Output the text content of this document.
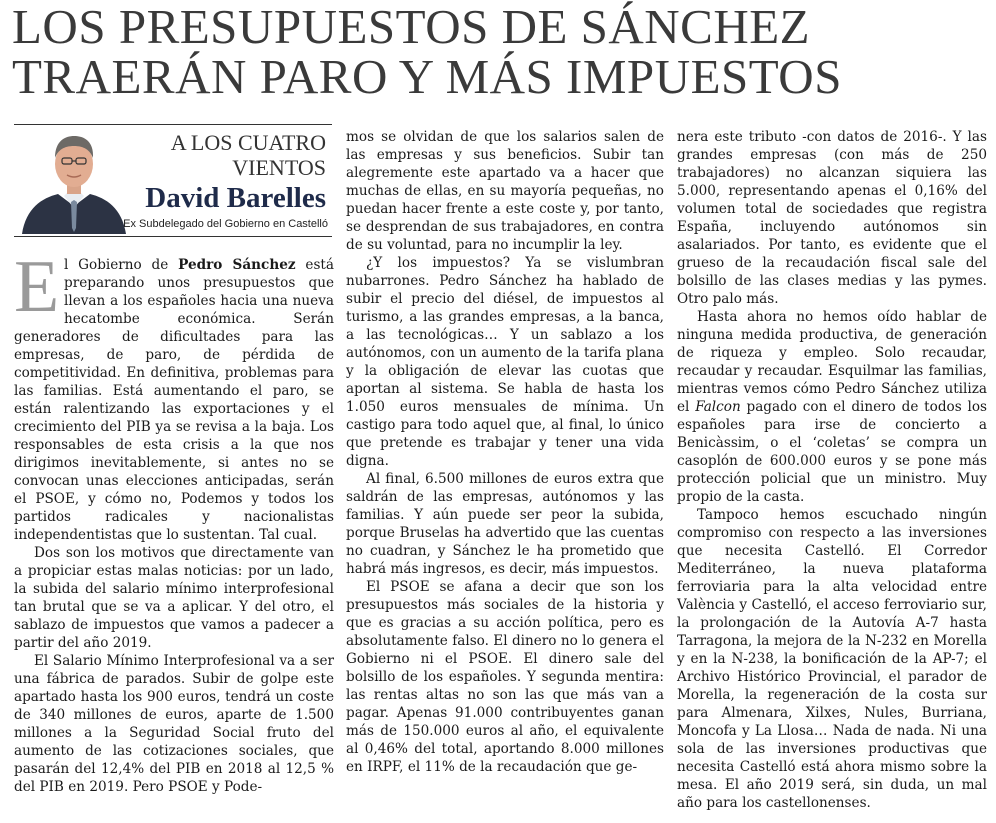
LOS PRESUPUESTOS DE SÁNCHEZ
TRAERÁN PARO Y MÁS IMPUESTOS
A LOS CUATRO
VIENTOS
David Barelles
Ex Subdelegado del Gobierno en Castelló

El Gobierno de Pedro Sánchez está preparando unos presupuestos que llevan a los españoles hacia una nueva hecatombe económica. Serán generadores de dificultades para las empresas, de paro, de pérdida de competitividad. En definitiva, problemas para las familias. Está aumentando el paro, se están ralentizando las exportaciones y el crecimiento del PIB ya se revisa a la baja. Los responsables de esta crisis a la que nos dirigimos inevitablemente, si antes no se convocan unas elecciones anticipadas, serán el PSOE, y cómo no, Podemos y todos los partidos radicales y nacionalistas independentistas que lo sustentan. Tal cual.

Dos son los motivos que directamente van a propiciar estas malas noticias: por un lado, la subida del salario mínimo interprofesional tan brutal que se va a aplicar. Y del otro, el sablazo de impuestos que vamos a padecer a partir del año 2019.

El Salario Mínimo Interprofesional va a ser una fábrica de parados. Subir de golpe este apartado hasta los 900 euros, tendrá un coste de 340 millones de euros, aparte de 1.500 millones a la Seguridad Social fruto del aumento de las cotizaciones sociales, que pasarán del 12,4% del PIB en 2018 al 12,5 % del PIB en 2019. Pero PSOE y Pode-

mos se olvidan de que los salarios salen de las empresas y sus beneficios. Subir tan alegremente este apartado va a hacer que muchas de ellas, en su mayoría pequeñas, no puedan hacer frente a este coste y, por tanto, se desprendan de sus trabajadores, en contra de su voluntad, para no incumplir la ley.

¿Y los impuestos? Ya se vislumbran nubarrones. Pedro Sánchez ha hablado de subir el precio del diésel, de impuestos al turismo, a las grandes empresas, a la banca, a las tecnológicas… Y un sablazo a los autónomos, con un aumento de la tarifa plana y la obligación de elevar las cuotas que aportan al sistema. Se habla de hasta los 1.050 euros mensuales de mínima. Un castigo para todo aquel que, al final, lo único que pretende es trabajar y tener una vida digna.

Al final, 6.500 millones de euros extra que saldrán de las empresas, autónomos y las familias. Y aún puede ser peor la subida, porque Bruselas ha advertido que las cuentas no cuadran, y Sánchez le ha prometido que habrá más ingresos, es decir, más impuestos.

El PSOE se afana a decir que son los presupuestos más sociales de la historia y que es gracias a su acción política, pero es absolutamente falso. El dinero no lo genera el Gobierno ni el PSOE. El dinero sale del bolsillo de los españoles. Y segunda mentira: las rentas altas no son las que más van a pagar. Apenas 91.000 contribuyentes ganan más de 150.000 euros al año, el equivalente al 0,46% del total, aportando 8.000 millones en IRPF, el 11% de la recaudación que ge-

nera este tributo -con datos de 2016-. Y las grandes empresas (con más de 250 trabajadores) no alcanzan siquiera las 5.000, representando apenas el 0,16% del volumen total de sociedades que registra España, incluyendo autónomos sin asalariados. Por tanto, es evidente que el grueso de la recaudación fiscal sale del bolsillo de las clases medias y las pymes. Otro palo más.

Hasta ahora no hemos oído hablar de ninguna medida productiva, de generación de riqueza y empleo. Solo recaudar, recaudar y recaudar. Esquilmar las familias, mientras vemos cómo Pedro Sánchez utiliza el Falcon pagado con el dinero de todos los españoles para irse de concierto a Benicàssim, o el ‘coletas’ se compra un casoplón de 600.000 euros y se pone más protección policial que un ministro. Muy propio de la casta.

Tampoco hemos escuchado ningún compromiso con respecto a las inversiones que necesita Castelló. El Corredor Mediterráneo, la nueva plataforma ferroviaria para la alta velocidad entre València y Castelló, el acceso ferroviario sur, la prolongación de la Autovía A-7 hasta Tarragona, la mejora de la N-232 en Morella y en la N-238, la bonificación de la AP-7; el Archivo Histórico Provincial, el parador de Morella, la regeneración de la costa sur para Almenara, Xilxes, Nules, Burriana, Moncofa y La Llosa… Nada de nada. Ni una sola de las inversiones productivas que necesita Castelló está ahora mismo sobre la mesa. El año 2019 será, sin duda, un mal año para los castellonenses.
